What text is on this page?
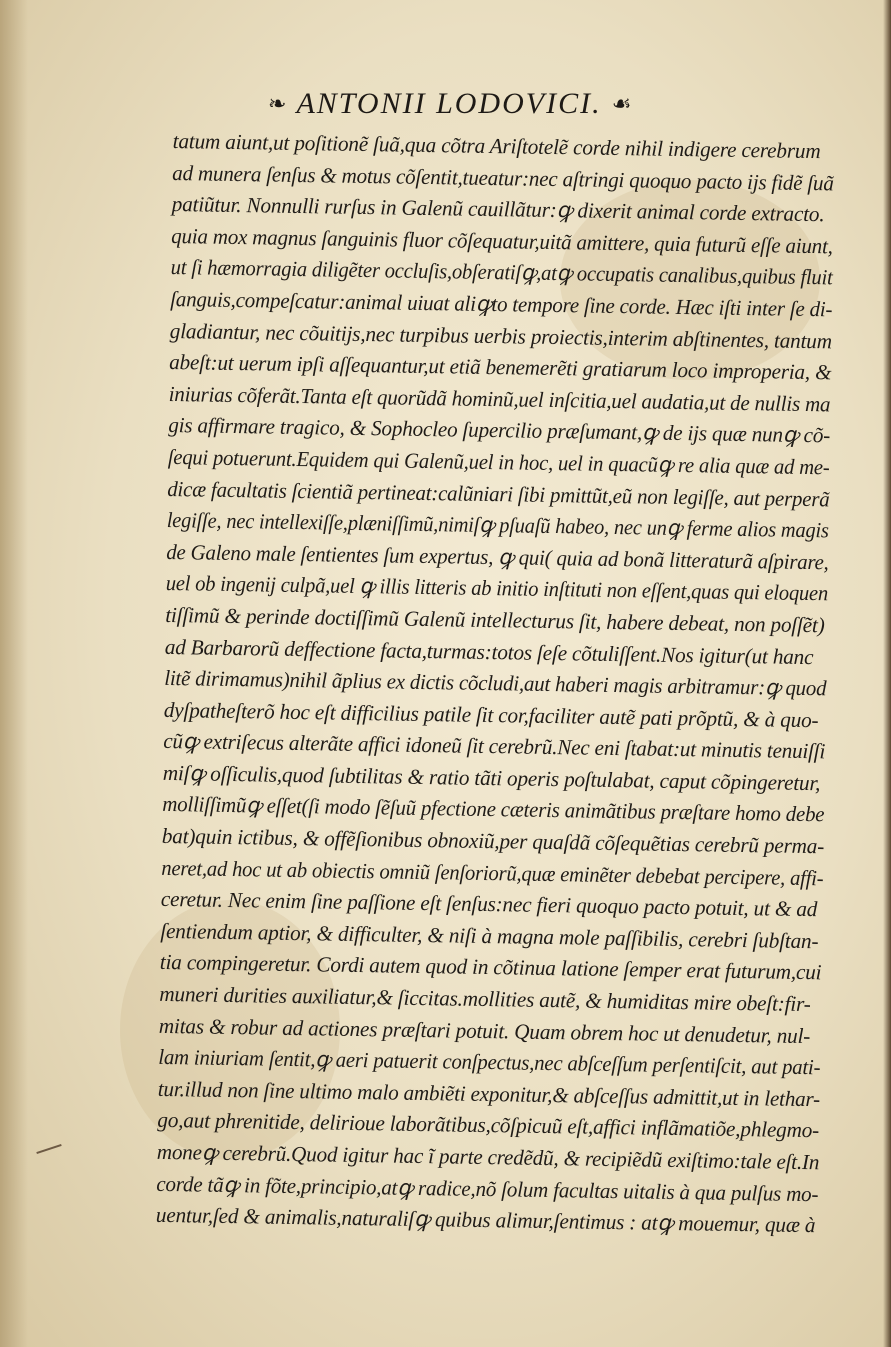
❧ ANTONII LODOVICI. ☙
tatum aiunt,ut poſitionẽ ſuã,qua cõtra Ariſtotelẽ corde nihil indigere cerebrum
ad munera ſenſus & motus cõſentit,tueatur:nec aſtringi quoquo pacto ijs fidẽ ſuã
patiũtur. Nonnulli rurſus in Galenũ cauillãtur:ꝙ dixerit animal corde extracto.
quia mox magnus ſanguinis fluor cõſequatur,uitã amittere, quia futurũ eſſe aiunt,
ut ſi hæmorragia diligẽter occluſis,obſeratiſꝙ,atꝙ occupatis canalibus,quibus fluit
ſanguis,compeſcatur:animal uiuat aliꝙto tempore ſine corde. Hæc iſti inter ſe di-
gladiantur, nec cõuitijs,nec turpibus uerbis proiectis,interim abſtinentes, tantum
abeſt:ut uerum ipſi aſſequantur,ut etiã benemerẽti gratiarum loco improperia, &
iniurias cõferãt.Tanta eſt quorũdã hominũ,uel inſcitia,uel audatia,ut de nullis ma
gis affirmare tragico, & Sophocleo ſupercilio præſumant,ꝙ de ijs quæ nunꝙ cõ-
ſequi potuerunt.Equidem qui Galenũ,uel in hoc, uel in quacũꝙ re alia quæ ad me-
dicæ facultatis ſcientiã pertineat:calũniari ſibi pmittũt,eũ non legiſſe, aut perperã
legiſſe, nec intellexiſſe,plæniſſimũ,nimiſꝙ pſuaſũ habeo, nec unꝙ ferme alios magis
de Galeno male ſentientes ſum expertus, ꝙ qui( quia ad bonã litteraturã aſpirare,
uel ob ingenij culpã,uel ꝙ illis litteris ab initio inſtituti non eſſent,quas qui eloquen
tiſſimũ & perinde doctiſſimũ Galenũ intellecturus ſit, habere debeat, non poſſẽt)
ad Barbarorũ deffectione facta,turmas:totos ſeſe cõtuliſſent.Nos igitur(ut hanc
litẽ dirimamus)nihil ãplius ex dictis cõcludi,aut haberi magis arbitramur:ꝙ quod
dyſpatheſterõ hoc eſt difficilius patile ſit cor,faciliter autẽ pati prõptũ, & à quo-
cũꝙ extriſecus alterãte affici idoneũ ſit cerebrũ.Nec eni ſtabat:ut minutis tenuiſſi
miſꝙ oſſiculis,quod ſubtilitas & ratio tãti operis poſtulabat, caput cõpingeretur,
molliſſimũꝙ eſſet(ſi modo ſẽſuũ pfectione cæteris animãtibus præſtare homo debe
bat)quin ictibus, & offẽſionibus obnoxiũ,per quaſdã cõſequẽtias cerebrũ perma-
neret,ad hoc ut ab obiectis omniũ ſenſoriorũ,quæ eminẽter debebat percipere, affi-
ceretur. Nec enim ſine paſſione eſt ſenſus:nec fieri quoquo pacto potuit, ut & ad
ſentiendum aptior, & difficulter, & niſi à magna mole paſſibilis, cerebri ſubſtan-
tia compingeretur. Cordi autem quod in cõtinua latione ſemper erat futurum,cui
muneri durities auxiliatur,& ſiccitas.mollities autẽ, & humiditas mire obeſt:fir-
mitas & robur ad actiones præſtari potuit. Quam obrem hoc ut denudetur, nul-
lam iniuriam ſentit,ꝙ aeri patuerit conſpectus,nec abſceſſum perſentiſcit, aut pati-
tur.illud non ſine ultimo malo ambiẽti exponitur,& abſceſſus admittit,ut in lethar-
go,aut phrenitide, delirioue laborãtibus,cõſpicuũ eſt,affici inflãmatiõe,phlegmo-
moneꝙ cerebrũ.Quod igitur hac ĩ parte credẽdũ, & recipiẽdũ exiſtimo:tale eſt.In
corde tãꝙ in fõte,principio,atꝙ radice,nõ ſolum facultas uitalis à qua pulſus mo-
uentur,ſed & animalis,naturaliſꝙ quibus alimur,ſentimus : atꝙ mouemur, quæ à
